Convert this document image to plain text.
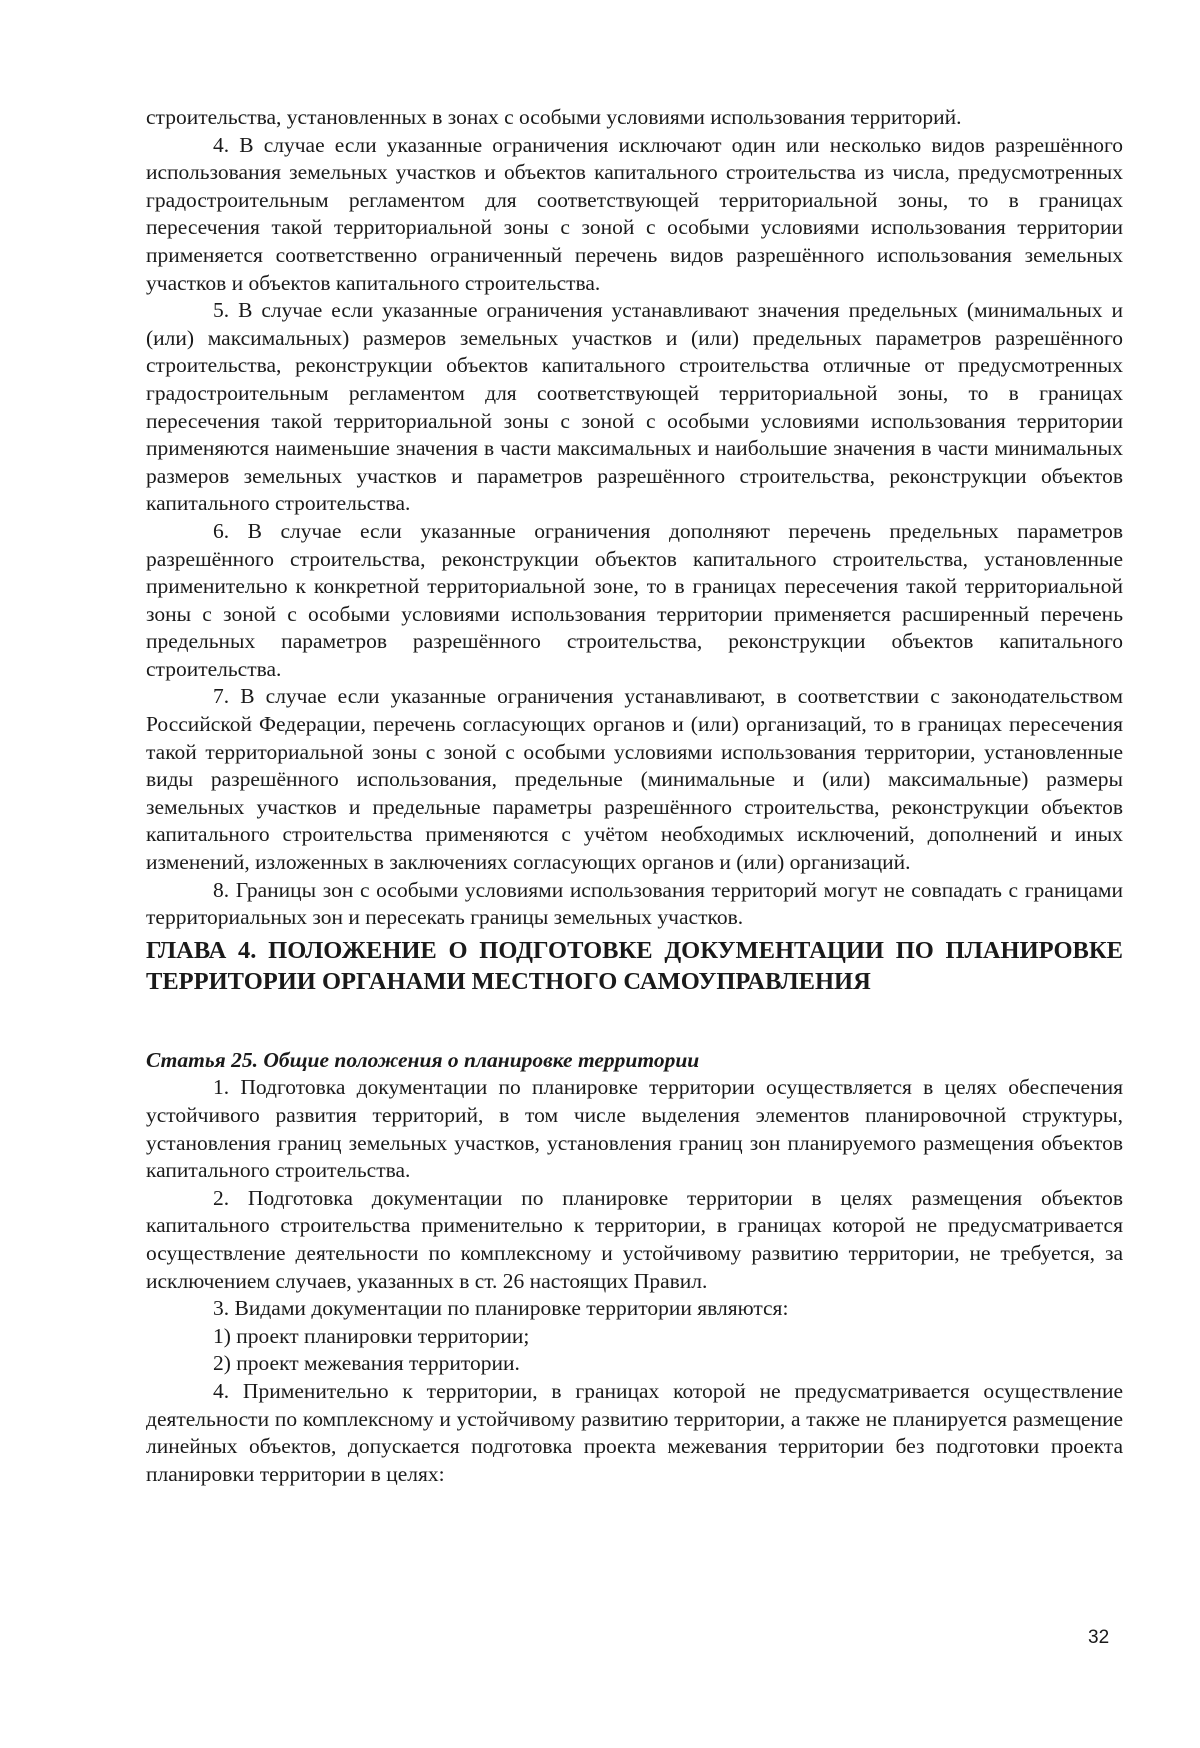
строительства, установленных в зонах с особыми условиями использования территорий.

4. В случае если указанные ограничения исключают один или несколько видов разрешённого использования земельных участков и объектов капитального строительства из числа, предусмотренных градостроительным регламентом для соответствующей территориальной зоны, то в границах пересечения такой территориальной зоны с зоной с особыми условиями использования территории применяется соответственно ограниченный перечень видов разрешённого использования земельных участков и объектов капитального строительства.

5. В случае если указанные ограничения устанавливают значения предельных (минимальных и (или) максимальных) размеров земельных участков и (или) предельных параметров разрешённого строительства, реконструкции объектов капитального строительства отличные от предусмотренных градостроительным регламентом для соответствующей территориальной зоны, то в границах пересечения такой территориальной зоны с зоной с особыми условиями использования территории применяются наименьшие значения в части максимальных и наибольшие значения в части минимальных размеров земельных участков и параметров разрешённого строительства, реконструкции объектов капитального строительства.

6. В случае если указанные ограничения дополняют перечень предельных параметров разрешённого строительства, реконструкции объектов капитального строительства, установленные применительно к конкретной территориальной зоне, то в границах пересечения такой территориальной зоны с зоной с особыми условиями использования территории применяется расширенный перечень предельных параметров разрешённого строительства, реконструкции объектов капитального строительства.

7. В случае если указанные ограничения устанавливают, в соответствии с законодательством Российской Федерации, перечень согласующих органов и (или) организаций, то в границах пересечения такой территориальной зоны с зоной с особыми условиями использования территории, установленные виды разрешённого использования, предельные (минимальные и (или) максимальные) размеры земельных участков и предельные параметры разрешённого строительства, реконструкции объектов капитального строительства применяются с учётом необходимых исключений, дополнений и иных изменений, изложенных в заключениях согласующих органов и (или) организаций.

8. Границы зон с особыми условиями использования территорий могут не совпадать с границами территориальных зон и пересекать границы земельных участков.

ГЛАВА 4. ПОЛОЖЕНИЕ О ПОДГОТОВКЕ ДОКУМЕНТАЦИИ ПО ПЛАНИРОВКЕ ТЕРРИТОРИИ ОРГАНАМИ МЕСТНОГО САМОУПРАВЛЕНИЯ
Статья 25. Общие положения о планировке территории

1. Подготовка документации по планировке территории осуществляется в целях обеспечения устойчивого развития территорий, в том числе выделения элементов планировочной структуры, установления границ земельных участков, установления границ зон планируемого размещения объектов капитального строительства.

2. Подготовка документации по планировке территории в целях размещения объектов капитального строительства применительно к территории, в границах которой не предусматривается осуществление деятельности по комплексному и устойчивому развитию территории, не требуется, за исключением случаев, указанных в ст. 26 настоящих Правил.

3. Видами документации по планировке территории являются:

1) проект планировки территории;

2) проект межевания территории.

4. Применительно к территории, в границах которой не предусматривается осуществление деятельности по комплексному и устойчивому развитию территории, а также не планируется размещение линейных объектов, допускается подготовка проекта межевания территории без подготовки проекта планировки территории в целях:

32
